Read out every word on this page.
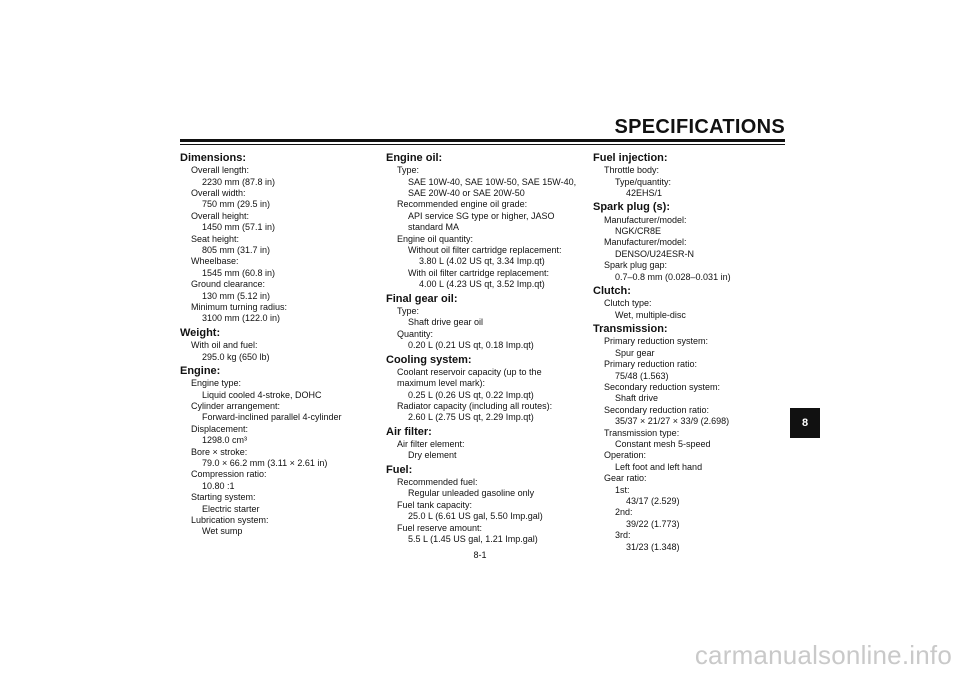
SPECIFICATIONS
Dimensions:
Overall length:
2230 mm (87.8 in)
Overall width:
750 mm (29.5 in)
Overall height:
1450 mm (57.1 in)
Seat height:
805 mm (31.7 in)
Wheelbase:
1545 mm (60.8 in)
Ground clearance:
130 mm (5.12 in)
Minimum turning radius:
3100 mm (122.0 in)
Weight:
With oil and fuel:
295.0 kg (650 lb)
Engine:
Engine type:
Liquid cooled 4-stroke, DOHC
Cylinder arrangement:
Forward-inclined parallel 4-cylinder
Displacement:
1298.0 cm³
Bore × stroke:
79.0 × 66.2 mm (3.11 × 2.61 in)
Compression ratio:
10.80 :1
Starting system:
Electric starter
Lubrication system:
Wet sump
Engine oil:
Type:
SAE 10W-40, SAE 10W-50, SAE 15W-40,
SAE 20W-40 or SAE 20W-50
Recommended engine oil grade:
API service SG type or higher, JASO
standard MA
Engine oil quantity:
Without oil filter cartridge replacement:
3.80 L (4.02 US qt, 3.34 Imp.qt)
With oil filter cartridge replacement:
4.00 L (4.23 US qt, 3.52 Imp.qt)
Final gear oil:
Type:
Shaft drive gear oil
Quantity:
0.20 L (0.21 US qt, 0.18 Imp.qt)
Cooling system:
Coolant reservoir capacity (up to the
maximum level mark):
0.25 L (0.26 US qt, 0.22 Imp.qt)
Radiator capacity (including all routes):
2.60 L (2.75 US qt, 2.29 Imp.qt)
Air filter:
Air filter element:
Dry element
Fuel:
Recommended fuel:
Regular unleaded gasoline only
Fuel tank capacity:
25.0 L (6.61 US gal, 5.50 Imp.gal)
Fuel reserve amount:
5.5 L (1.45 US gal, 1.21 Imp.gal)
Fuel injection:
Throttle body:
Type/quantity:
42EHS/1
Spark plug (s):
Manufacturer/model:
NGK/CR8E
Manufacturer/model:
DENSO/U24ESR-N
Spark plug gap:
0.7–0.8 mm (0.028–0.031 in)
Clutch:
Clutch type:
Wet, multiple-disc
Transmission:
Primary reduction system:
Spur gear
Primary reduction ratio:
75/48 (1.563)
Secondary reduction system:
Shaft drive
Secondary reduction ratio:
35/37 × 21/27 × 33/9 (2.698)
Transmission type:
Constant mesh 5-speed
Operation:
Left foot and left hand
Gear ratio:
1st:
43/17 (2.529)
2nd:
39/22 (1.773)
3rd:
31/23 (1.348)
8
8-1
carmanualsonline.info
